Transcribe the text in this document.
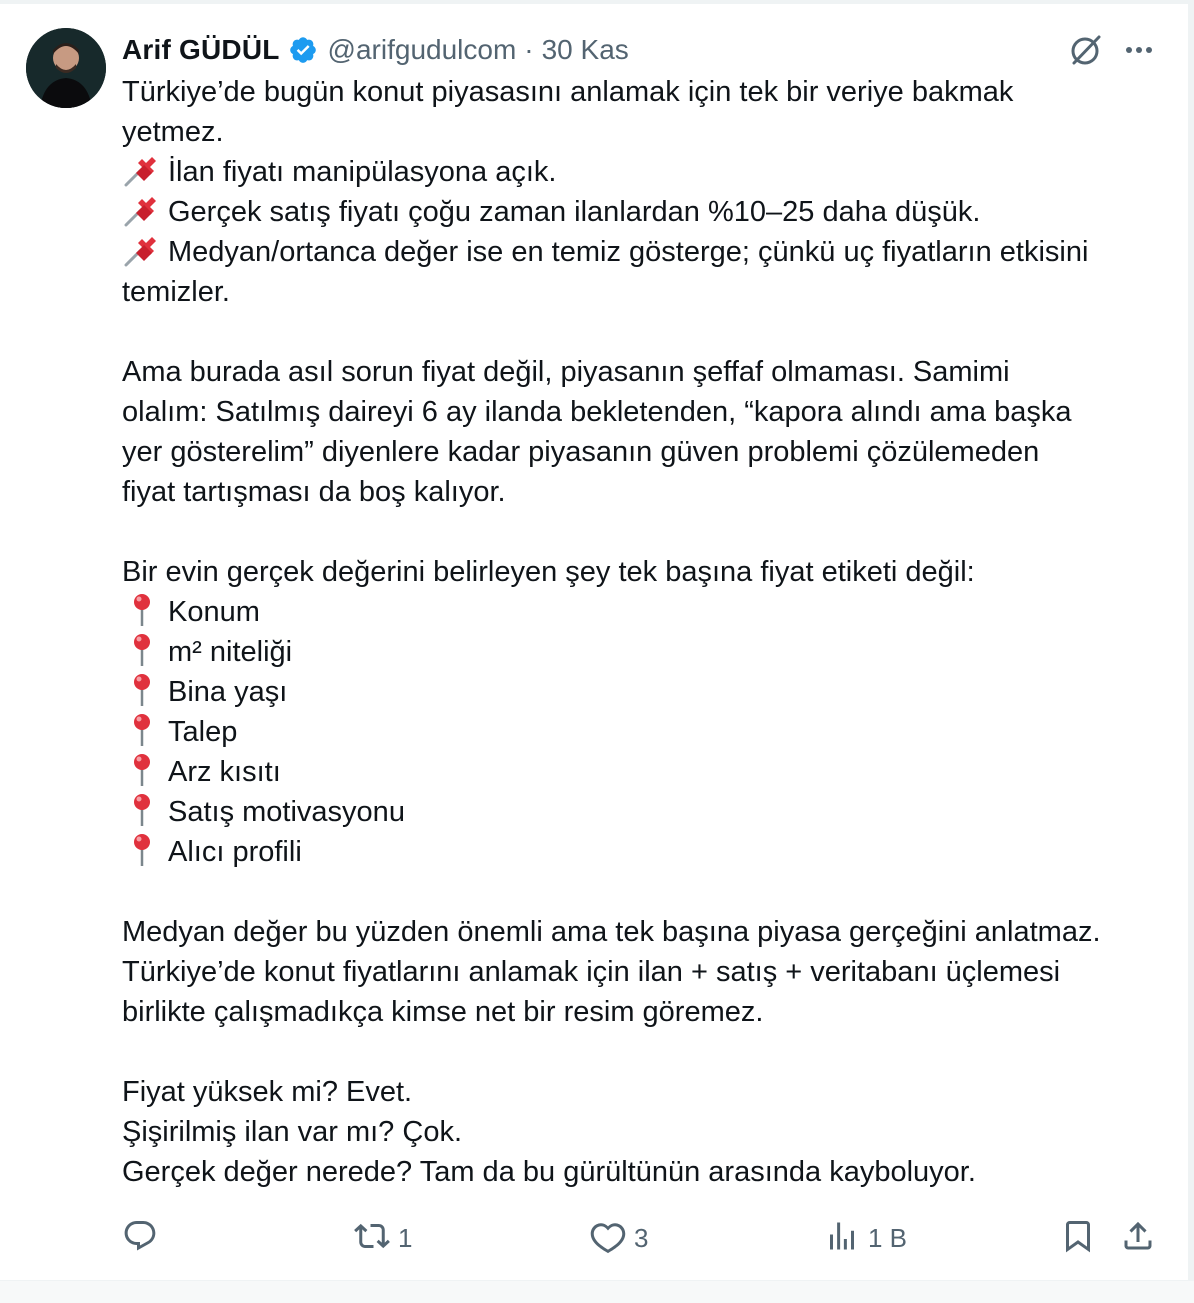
Arif GÜDÜL @arifgudulcom · 30 Kas

Türkiye’de bugün konut piyasasını anlamak için tek bir veriye bakmak

yetmez.

İlan fiyatı manipülasyona açık.

Gerçek satış fiyatı çoğu zaman ilanlardan %10–25 daha düşük.

Medyan/ortanca değer ise en temiz gösterge; çünkü uç fiyatların etkisini

temizler.

Ama burada asıl sorun fiyat değil, piyasanın şeffaf olmaması. Samimi

olalım: Satılmış daireyi 6 ay ilanda bekletenden, “kapora alındı ama başka

yer gösterelim” diyenlere kadar piyasanın güven problemi çözülemeden

fiyat tartışması da boş kalıyor.

Bir evin gerçek değerini belirleyen şey tek başına fiyat etiketi değil:

Konum

m² niteliği

Bina yaşı

Talep

Arz kısıtı

Satış motivasyonu

Alıcı profili

Medyan değer bu yüzden önemli ama tek başına piyasa gerçeğini anlatmaz.

Türkiye’de konut fiyatlarını anlamak için ilan + satış + veritabanı üçlemesi

birlikte çalışmadıkça kimse net bir resim göremez.

Fiyat yüksek mi? Evet.

Şişirilmiş ilan var mı? Çok.

Gerçek değer nerede? Tam da bu gürültünün arasında kayboluyor.

1	3	1 B
